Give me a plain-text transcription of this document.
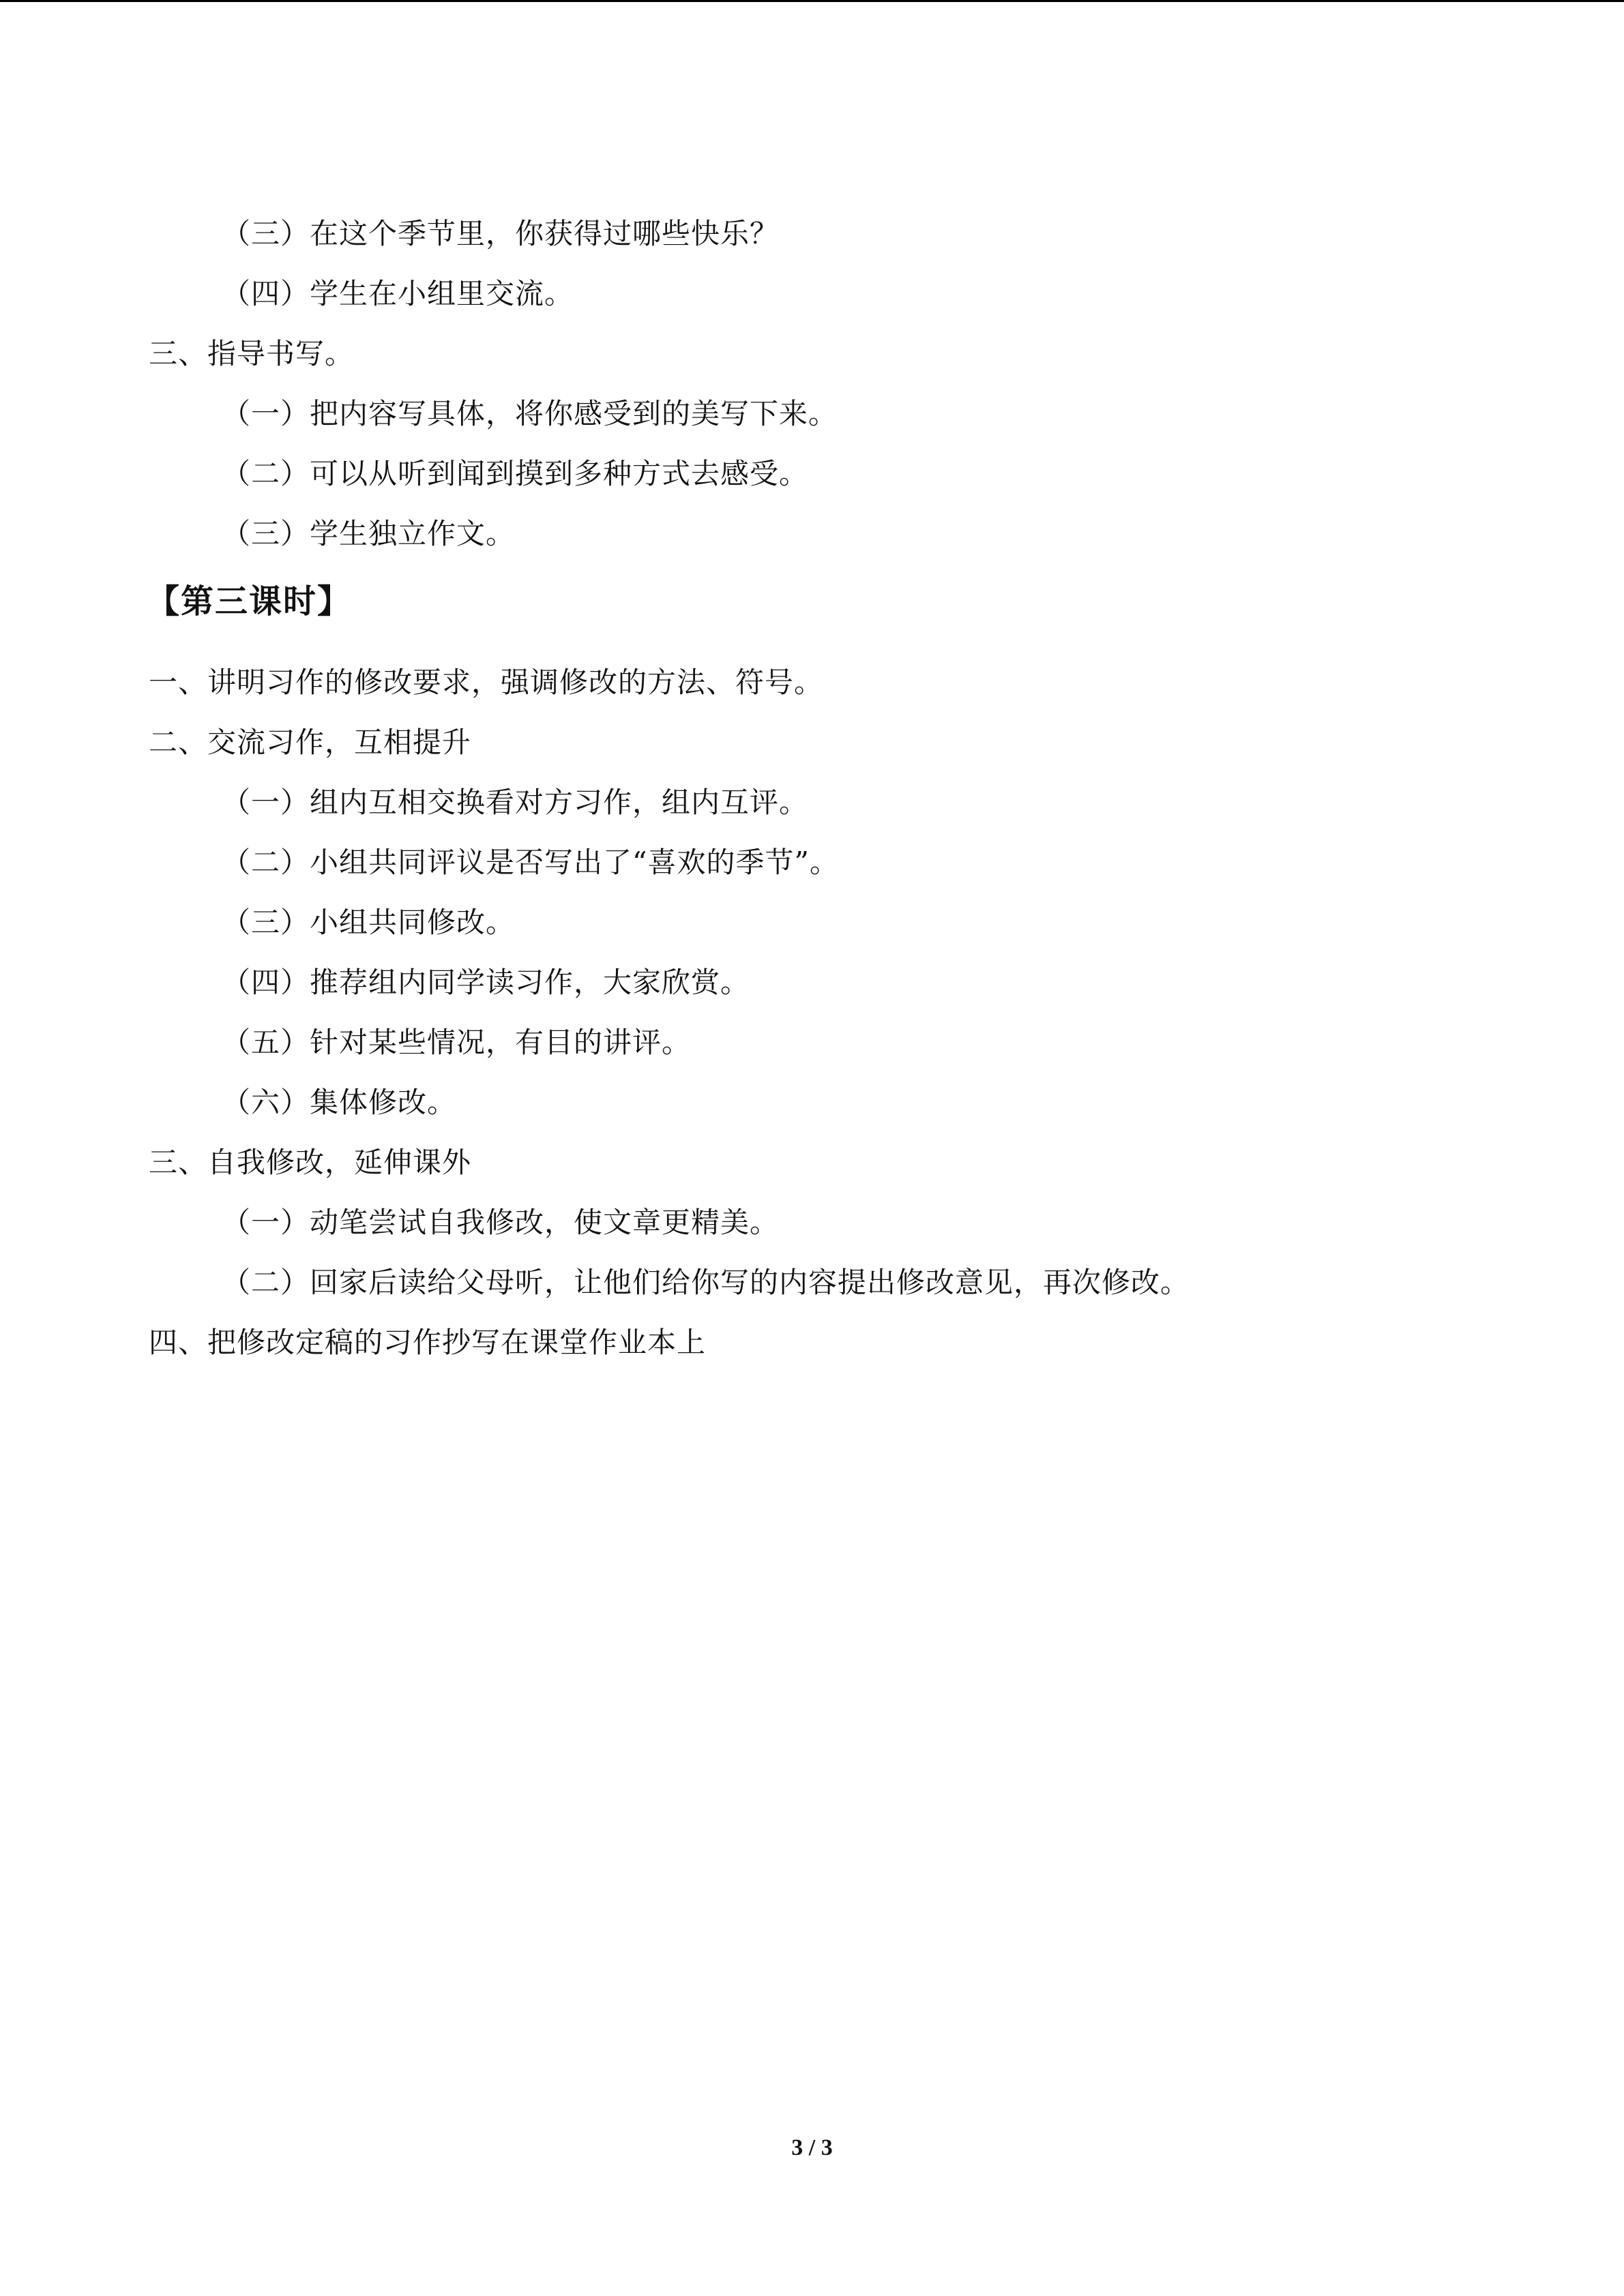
（三）在这个季节里，你获得过哪些快乐？
（四）学生在小组里交流。
三、指导书写。
（一）把内容写具体，将你感受到的美写下来。
（二）可以从听到闻到摸到多种方式去感受。
（三）学生独立作文。
【第三课时】
一、讲明习作的修改要求，强调修改的方法、符号。
二、交流习作，互相提升
（一）组内互相交换看对方习作，组内互评。
（二）小组共同评议是否写出了“喜欢的季节”。
（三）小组共同修改。
（四）推荐组内同学读习作，大家欣赏。
（五）针对某些情况，有目的讲评。
（六）集体修改。
三、自我修改，延伸课外
（一）动笔尝试自我修改，使文章更精美。
（二）回家后读给父母听，让他们给你写的内容提出修改意见，再次修改。
四、把修改定稿的习作抄写在课堂作业本上
3 / 3
